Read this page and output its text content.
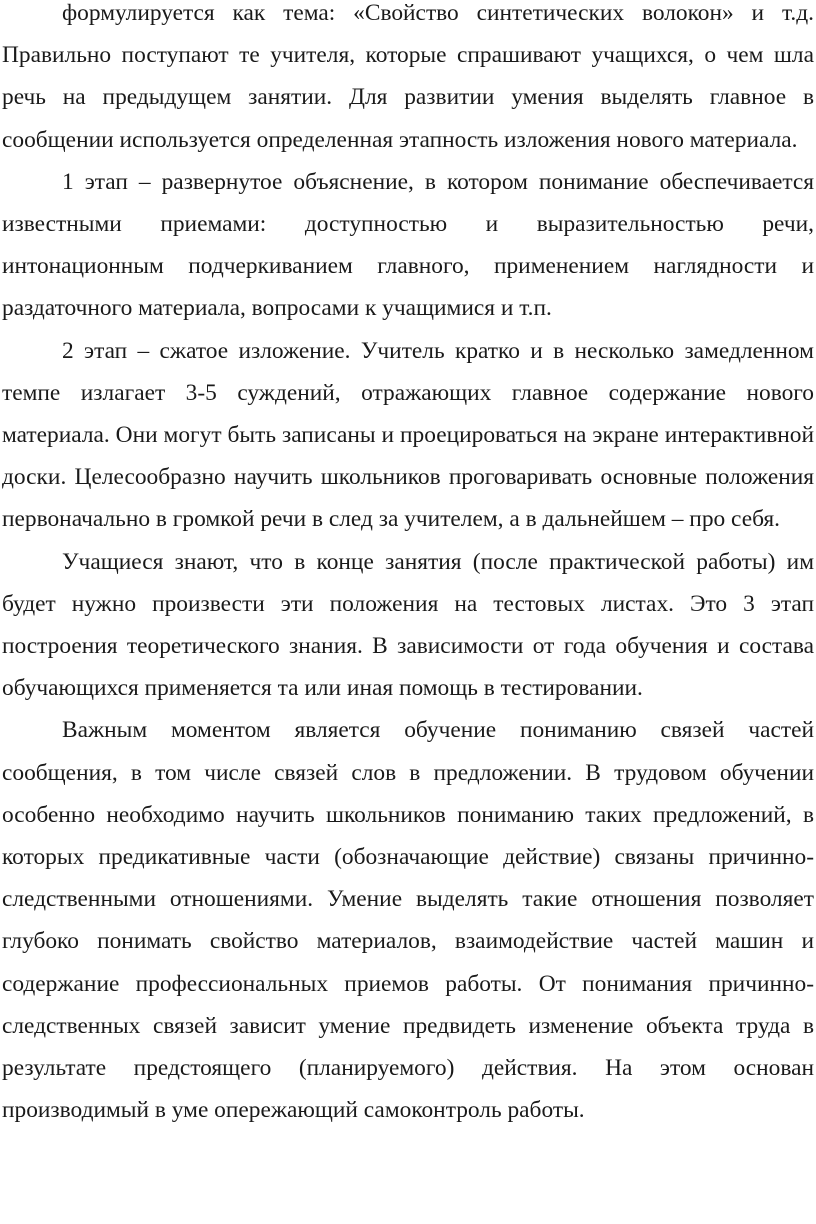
формулируется как тема: «Свойство синтетических волокон» и т.д. Правильно поступают те учителя, которые спрашивают учащихся, о чем шла речь на предыдущем занятии. Для развитии умения выделять главное в сообщении используется определенная этапность изложения нового материала.

1 этап – развернутое объяснение, в котором понимание обеспечивается известными приемами: доступностью и выразительностью речи, интонационным подчеркиванием главного, применением наглядности и раздаточного материала, вопросами к учащимися и т.п.

2 этап – сжатое изложение. Учитель кратко и в несколько замедленном темпе излагает 3-5 суждений, отражающих главное содержание нового материала. Они могут быть записаны и проецироваться на экране интерактивной доски. Целесообразно научить школьников проговаривать основные положения первоначально в громкой речи в след за учителем, а в дальнейшем – про себя.

Учащиеся знают, что в конце занятия (после практической работы) им будет нужно произвести эти положения на тестовых листах. Это 3 этап построения теоретического знания. В зависимости от года обучения и состава обучающихся применяется та или иная помощь в тестировании.

Важным моментом является обучение пониманию связей частей сообщения, в том числе связей слов в предложении. В трудовом обучении особенно необходимо научить школьников пониманию таких предложений, в которых предикативные части (обозначающие действие) связаны причинно-следственными отношениями. Умение выделять такие отношения позволяет глубоко понимать свойство материалов, взаимодействие частей машин и содержание профессиональных приемов работы. От понимания причинно-следственных связей зависит умение предвидеть изменение объекта труда в результате предстоящего (планируемого) действия. На этом основан производимый в уме опережающий самоконтроль работы.
